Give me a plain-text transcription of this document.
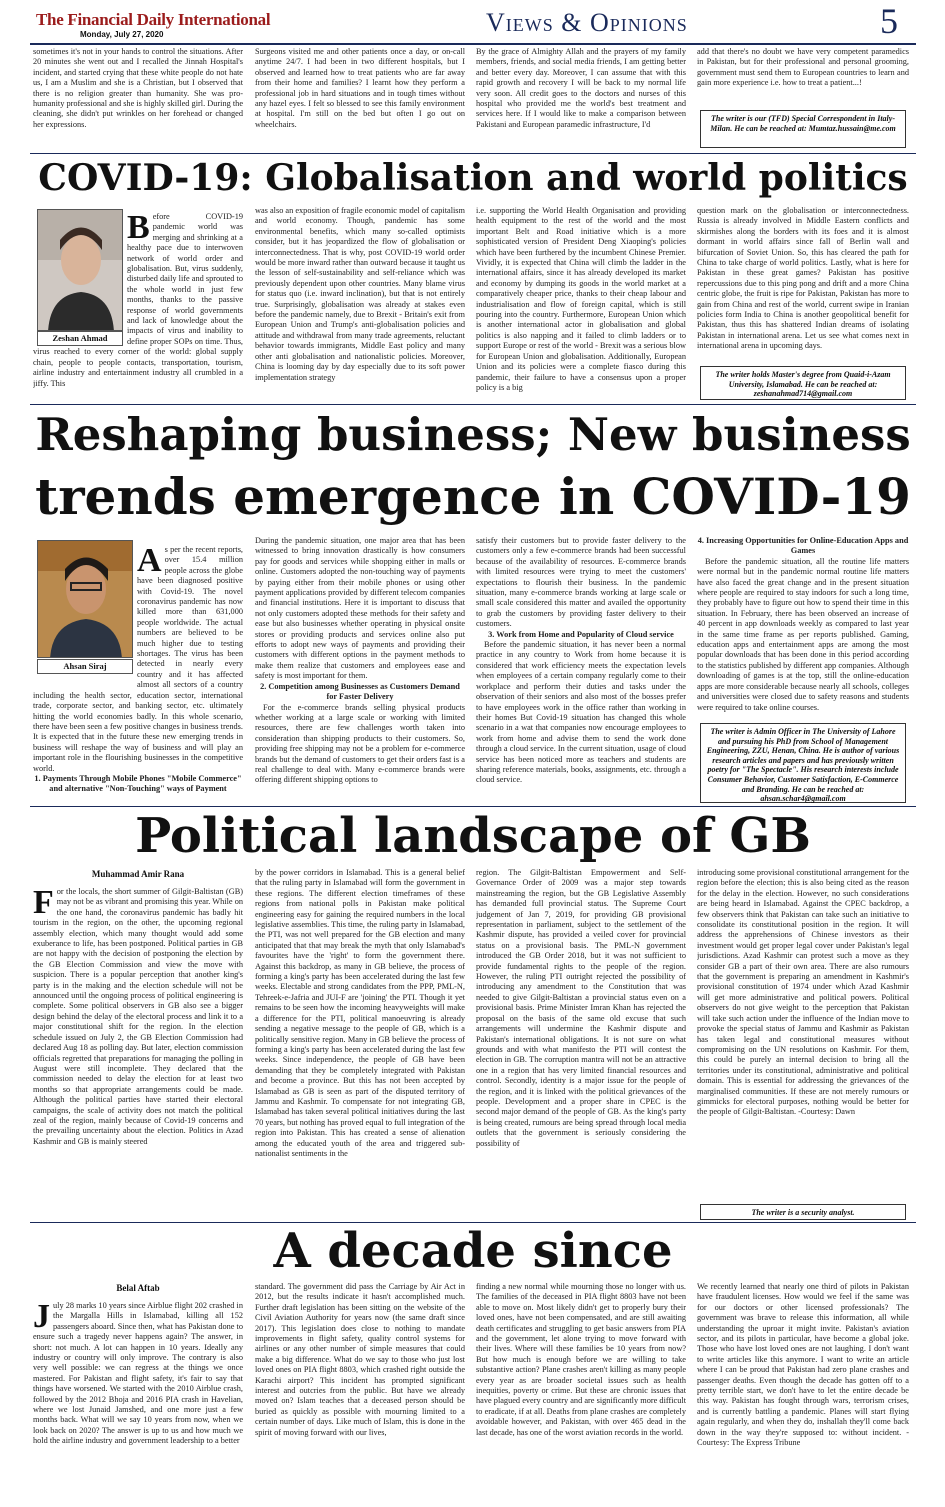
The Financial Daily International
Monday, July 27, 2020	Views & Opinions	5

sometimes it's not in your hands to control the situations. After 20 minutes she went out and I recalled the Jinnah Hospital's incident, and started crying that these white people do not hate us, I am a Muslim and she is a Christian, but I observed that there is no religion greater than humanity. She was pro-humanity professional and she is highly skilled girl. During the cleaning, she didn't put wrinkles on her forehead or changed her expressions.

Surgeons visited me and other patients once a day, or on-call anytime 24/7. I had been in two different hospitals, but I observed and learned how to treat patients who are far away from their home and families? I learnt how they perform a professional job in hard situations and in tough times without any hazel eyes. I felt so blessed to see this family environment at hospital. I'm still on the bed but often I go out on wheelchairs.

By the grace of Almighty Allah and the prayers of my family members, friends, and social media friends, I am getting better and better every day. Moreover, I can assume that with this rapid growth and recovery I will be back to my normal life very soon. All credit goes to the doctors and nurses of this hospital who provided me the world's best treatment and services here. If I would like to make a comparison between Pakistani and European paramedic infrastructure, I'd

add that there's no doubt we have very competent paramedics in Pakistan, but for their professional and personal grooming, government must send them to European countries to learn and gain more experience i.e. how to treat a patient...!

The writer is our (TFD) Special Correspondent in Italy-Milan. He can be reached at: Mumtaz.hussain@me.com
COVID-19: Globalisation and world politics
Zeshan Ahmad
Before COVID-19 pandemic world was merging and shrinking at a healthy pace due to interwoven network of world order and globalisation. But, virus suddenly, disturbed daily life and sprouted to the whole world in just few months, thanks to the passive response of world governments and lack of knowledge about the impacts of virus and inability to define proper SOPs on time. Thus, virus reached to every corner of the world: global supply chain, people to people contacts, transportation, tourism, airline industry and entertainment industry all crumbled in a jiffy. This

was also an exposition of fragile economic model of capitalism and world economy. Though, pandemic has some environmental benefits, which many so-called optimists consider, but it has jeopardized the flow of globalisation or interconnectedness. That is why, post COVID-19 world order would be more inward rather than outward because it taught us the lesson of self-sustainability and self-reliance which was previously dependent upon other countries. Many blame virus for status quo (i.e. inward inclination), but that is not entirely true. Surprisingly, globalisation was already at stakes even before the pandemic namely, due to Brexit - Britain's exit from European Union and Trump's anti-globalisation policies and attitude and withdrawal from many trade agreements, reluctant behavior towards immigrants, Middle East policy and many other anti globalisation and nationalistic policies. Moreover, China is looming day by day especially due to its soft power implementation strategy

i.e. supporting the World Health Organisation and providing health equipment to the rest of the world and the most important Belt and Road initiative which is a more sophisticated version of President Deng Xiaoping's policies which have been furthered by the incumbent Chinese Premier. Vividly, it is expected that China will climb the ladder in the international affairs, since it has already developed its market and economy by dumping its goods in the world market at a comparatively cheaper price, thanks to their cheap labour and industrialisation and flow of foreign capital, which is still pouring into the country. Furthermore, European Union which is another international actor in globalisation and global politics is also napping and it failed to climb ladders or to support Europe or rest of the world - Brexit was a serious blow for European Union and globalisation. Additionally, European Union and its policies were a complete fiasco during this pandemic, their failure to have a consensus upon a proper policy is a big

question mark on the globalisation or interconnectedness. Russia is already involved in Middle Eastern conflicts and skirmishes along the borders with its foes and it is almost dormant in world affairs since fall of Berlin wall and bifurcation of Soviet Union. So, this has cleared the path for China to take charge of world politics. Lastly, what is here for Pakistan in these great games? Pakistan has positive repercussions due to this ping pong and drift and a more China centric globe, the fruit is ripe for Pakistan, Pakistan has more to gain from China and rest of the world, current swipe in Iranian policies form India to China is another geopolitical benefit for Pakistan, thus this has shattered Indian dreams of isolating Pakistan in international arena. Let us see what comes next in international arena in upcoming days.

The writer holds Master's degree from Quaid-i-Azam University, Islamabad. He can be reached at: zeshanahmad714@gmail.com
Reshaping business; New business
trends emergence in COVID-19
Ahsan Siraj
As per the recent reports, over 15.4 million people across the globe have been diagnosed positive with Covid-19. The novel coronavirus pandemic has now killed more than 631,000 people worldwide. The actual numbers are believed to be much higher due to testing shortages. The virus has been detected in nearly every country and it has affected almost all sectors of a country including the health sector, education sector, international trade, corporate sector, and banking sector, etc. ultimately hitting the world economies badly. In this whole scenario, there have been seen a few positive changes in business trends. It is expected that in the future these new emerging trends in business will reshape the way of business and will play an important role in the flourishing businesses in the competitive world.

1. Payments Through Mobile Phones "Mobile Commerce" and alternative "Non-Touching" ways of Payment

During the pandemic situation, one major area that has been witnessed to bring innovation drastically is how consumers pay for goods and services while shopping either in malls or online. Customers adopted the non-touching way of payments by paying either from their mobile phones or using other payment applications provided by different telecom companies and financial institutions. Here it is important to discuss that not only customers adopted these methods for their safety and ease but also businesses whether operating in physical onsite stores or providing products and services online also put efforts to adopt new ways of payments and providing their customers with different options in the payment methods to make them realize that customers and employees ease and safety is most important for them.

2. Competition among Businesses as Customers Demand for Faster Delivery

For the e-commerce brands selling physical products whether working at a large scale or working with limited resources, there are few challenges worth taken into consideration than shipping products to their customers. So, providing free shipping may not be a problem for e-commerce brands but the demand of customers to get their orders fast is a real challenge to deal with. Many e-commerce brands were offering different shipping options to

satisfy their customers but to provide faster delivery to the customers only a few e-commerce brands had been successful because of the availability of resources. E-commerce brands with limited resources were trying to meet the customers' expectations to flourish their business. In the pandemic situation, many e-commerce brands working at large scale or small scale considered this matter and availed the opportunity to grab the customers by providing faster delivery to their customers.

3. Work from Home and Popularity of Cloud service

Before the pandemic situation, it has never been a normal practice in any country to Work from home because it is considered that work efficiency meets the expectation levels when employees of a certain company regularly come to their workplace and perform their duties and tasks under the observation of their seniors and also most of the bosses prefer to have employees work in the office rather than working in their homes But Covid-19 situation has changed this whole scenario in a wat that companies now encourage employees to work from home and advise them to send the work done through a cloud service. In the current situation, usage of cloud service has been noticed more as teachers and students are sharing reference materials, books, assignments, etc. through a cloud service.

4. Increasing Opportunities for Online-Education Apps and Games

Before the pandemic situation, all the routine life matters were normal but in the pandemic normal routine life matters have also faced the great change and in the present situation where people are required to stay indoors for such a long time, they probably have to figure out how to spend their time in this situation. In February, there has been observed an increase of 40 percent in app downloads weekly as compared to last year in the same time frame as per reports published. Gaming, education apps and entertainment apps are among the most popular downloads that has been done in this period according to the statistics published by different app companies. Although downloading of games is at the top, still the online-education apps are more considerable because nearly all schools, colleges and universities were closed due to safety reasons and students were required to take online courses.

The writer is Admin Officer in The University of Lahore and pursuing his PhD from School of Management Engineering, ZZU, Henan, China. He is author of various research articles and papers and has previously written poetry for "The Spectacle". His research interests include Consumer Behavior, Customer Satisfaction, E-Commerce and Branding. He can be reached at: ahsan.schar4@gmail.com
Political landscape of GB
Muhammad Amir Rana
For the locals, the short summer of Gilgit-Baltistan (GB) may not be as vibrant and promising this year. While on the one hand, the coronavirus pandemic has badly hit tourism in the region, on the other, the upcoming regional assembly election, which many thought would add some exuberance to life, has been postponed. Political parties in GB are not happy with the decision of postponing the election by the GB Election Commission and view the move with suspicion. There is a popular perception that another king's party is in the making and the election schedule will not be announced until the ongoing process of political engineering is complete. Some political observers in GB also see a bigger design behind the delay of the electoral process and link it to a major constitutional shift for the region. In the election schedule issued on July 2, the GB Election Commission had declared Aug 18 as polling day. But later, election commission officials regretted that preparations for managing the polling in August were still incomplete. They declared that the commission needed to delay the election for at least two months so that appropriate arrangements could be made. Although the political parties have started their electoral campaigns, the scale of activity does not match the political zeal of the region, mainly because of Covid-19 concerns and the prevailing uncertainty about the election. Politics in Azad Kashmir and GB is mainly steered

by the power corridors in Islamabad. This is a general belief that the ruling party in Islamabad will form the government in these regions. The different election timeframes of these regions from national polls in Pakistan make political engineering easy for gaining the required numbers in the local legislative assemblies. This time, the ruling party in Islamabad, the PTI, was not well prepared for the GB election and many anticipated that that may break the myth that only Islamabad's favourites have the 'right' to form the government there. Against this backdrop, as many in GB believe, the process of forming a king's party has been accelerated during the last few weeks. Electable and strong candidates from the PPP, PML-N, Tehreek-e-Jafria and JUI-F are 'joining' the PTI. Though it yet remains to be seen how the incoming heavyweights will make a difference for the PTI, political manoeuvring is already sending a negative message to the people of GB, which is a politically sensitive region. Many in GB believe the process of forming a king's party has been accelerated during the last few weeks. Since independence, the people of GB have been demanding that they be completely integrated with Pakistan and become a province. But this has not been accepted by Islamabad as GB is seen as part of the disputed territory of Jammu and Kashmir. To compensate for not integrating GB, Islamabad has taken several political initiatives during the last 70 years, but nothing has proved equal to full integration of the region into Pakistan. This has created a sense of alienation among the educated youth of the area and triggered sub-nationalist sentiments in the

region. The Gilgit-Baltistan Empowerment and Self-Governance Order of 2009 was a major step towards mainstreaming the region, but the GB Legislative Assembly has demanded full provincial status. The Supreme Court judgement of Jan 7, 2019, for providing GB provisional representation in parliament, subject to the settlement of the Kashmir dispute, has provided a veiled cover for provincial status on a provisional basis. The PML-N government introduced the GB Order 2018, but it was not sufficient to provide fundamental rights to the people of the region. However, the ruling PTI outright rejected the possibility of introducing any amendment to the Constitution that was needed to give Gilgit-Baltistan a provincial status even on a provisional basis. Prime Minister Imran Khan has rejected the proposal on the basis of the same old excuse that such arrangements will undermine the Kashmir dispute and Pakistan's international obligations. It is not sure on what grounds and with what manifesto the PTI will contest the election in GB. The corruption mantra will not be an attractive one in a region that has very limited financial resources and control. Secondly, identity is a major issue for the people of the region, and it is linked with the political grievances of the people. Development and a proper share in CPEC is the second major demand of the people of GB. As the king's party is being created, rumours are being spread through local media outlets that the government is seriously considering the possibility of

introducing some provisional constitutional arrangement for the region before the election; this is also being cited as the reason for the delay in the election. However, no such considerations are being heard in Islamabad. Against the CPEC backdrop, a few observers think that Pakistan can take such an initiative to consolidate its constitutional position in the region. It will address the apprehensions of Chinese investors as their investment would get proper legal cover under Pakistan's legal jurisdictions. Azad Kashmir can protest such a move as they consider GB a part of their own area. There are also rumours that the government is preparing an amendment in Kashmir's provisional constitution of 1974 under which Azad Kashmir will get more administrative and political powers. Political observers do not give weight to the perception that Pakistan will take such action under the influence of the Indian move to provoke the special status of Jammu and Kashmir as Pakistan has taken legal and constitutional measures without compromising on the UN resolutions on Kashmir. For them, this could be purely an internal decision to bring all the territories under its constitutional, administrative and political domain. This is essential for addressing the grievances of the marginalised communities. If these are not merely rumours or gimmicks for electoral purposes, nothing would be better for the people of Gilgit-Baltistan. -Courtesy: Dawn

The writer is a security analyst.
A decade since
Belal Aftab
July 28 marks 10 years since Airblue flight 202 crashed in the Margalla Hills in Islamabad, killing all 152 passengers aboard. Since then, what has Pakistan done to ensure such a tragedy never happens again? The answer, in short: not much. A lot can happen in 10 years. Ideally any industry or country will only improve. The contrary is also very well possible: we can regress at the things we once mastered. For Pakistan and flight safety, it's fair to say that things have worsened. We started with the 2010 Airblue crash, followed by the 2012 Bhoja and 2016 PIA crash in Havelian, where we lost Junaid Jamshed, and one more just a few months back. What will we say 10 years from now, when we look back on 2020? The answer is up to us and how much we hold the airline industry and government leadership to a better

standard. The government did pass the Carriage by Air Act in 2012, but the results indicate it hasn't accomplished much. Further draft legislation has been sitting on the website of the Civil Aviation Authority for years now (the same draft since 2017). This legislation does close to nothing to mandate improvements in flight safety, quality control systems for airlines or any other number of simple measures that could make a big difference. What do we say to those who just lost loved ones on PIA flight 8803, which crashed right outside the Karachi airport? This incident has prompted significant interest and outcries from the public. But have we already moved on? Islam teaches that a deceased person should be buried as quickly as possible with mourning limited to a certain number of days. Like much of Islam, this is done in the spirit of moving forward with our lives,

finding a new normal while mourning those no longer with us. The families of the deceased in PIA flight 8803 have not been able to move on. Most likely didn't get to properly bury their loved ones, have not been compensated, and are still awaiting death certificates and struggling to get basic answers from PIA and the government, let alone trying to move forward with their lives. Where will these families be 10 years from now? But how much is enough before we are willing to take substantive action? Plane crashes aren't killing as many people every year as are broader societal issues such as health inequities, poverty or crime. But these are chronic issues that have plagued every country and are significantly more difficult to eradicate, if at all. Deaths from plane crashes are completely avoidable however, and Pakistan, with over 465 dead in the last decade, has one of the worst aviation records in the world.

We recently learned that nearly one third of pilots in Pakistan have fraudulent licenses. How would we feel if the same was for our doctors or other licensed professionals? The government was brave to release this information, all while understanding the uproar it might invite. Pakistan's aviation sector, and its pilots in particular, have become a global joke. Those who have lost loved ones are not laughing. I don't want to write articles like this anymore. I want to write an article where I can be proud that Pakistan had zero plane crashes and passenger deaths. Even though the decade has gotten off to a pretty terrible start, we don't have to let the entire decade be this way. Pakistan has fought through wars, terrorism crises, and is currently battling a pandemic. Planes will start flying again regularly, and when they do, inshallah they'll come back down in the way they're supposed to: without incident. -Courtesy: The Express Tribune
